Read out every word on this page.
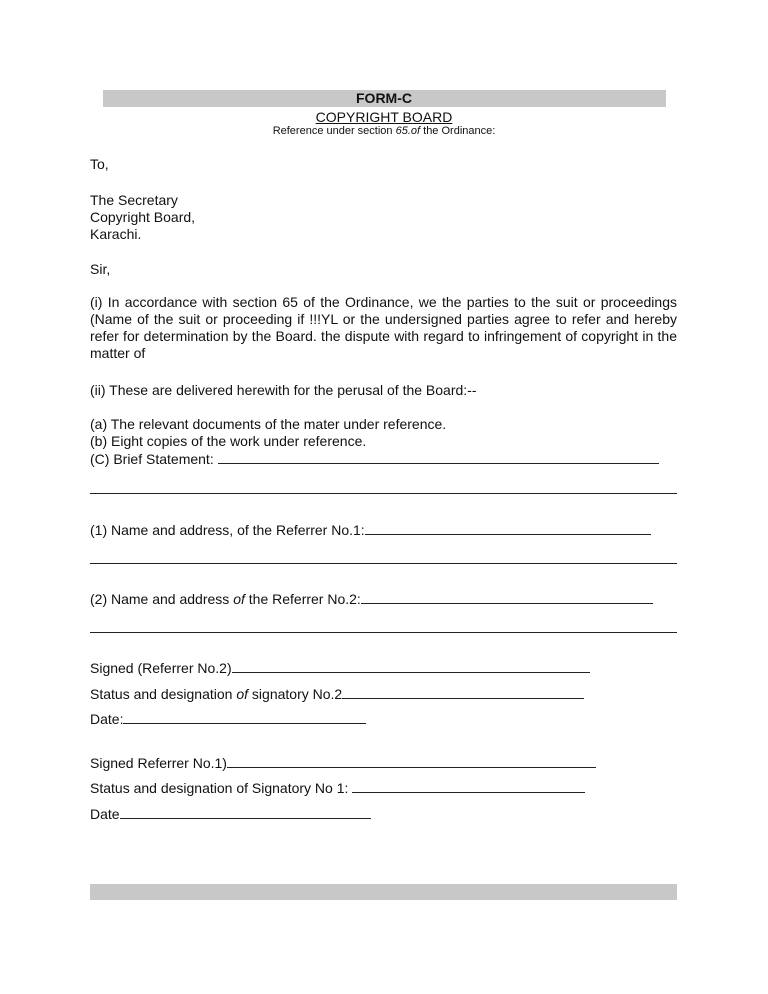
FORM-C
COPYRIGHT BOARD
Reference under section 65.of the Ordinance:
To,
The Secretary
Copyright Board,
Karachi.
Sir,
(i) In accordance with section 65 of the Ordinance, we the parties to the suit or proceedings (Name of the suit or proceeding if !!!YL or the undersigned parties agree to refer and hereby refer for determination by the Board. the dispute with regard to infringement of copyright in the matter of
(ii) These are delivered herewith for the perusal of the Board:--
(a) The relevant documents of the mater under reference.
(b) Eight copies of the work under reference.
(C) Brief Statement:
(1) Name and address, of the Referrer No.1:
(2) Name and address of the Referrer No.2:
Signed (Referrer No.2)
Status and designation of signatory No.2
Date:
Signed Referrer No.1)
Status and designation of Signatory No 1:
Date
